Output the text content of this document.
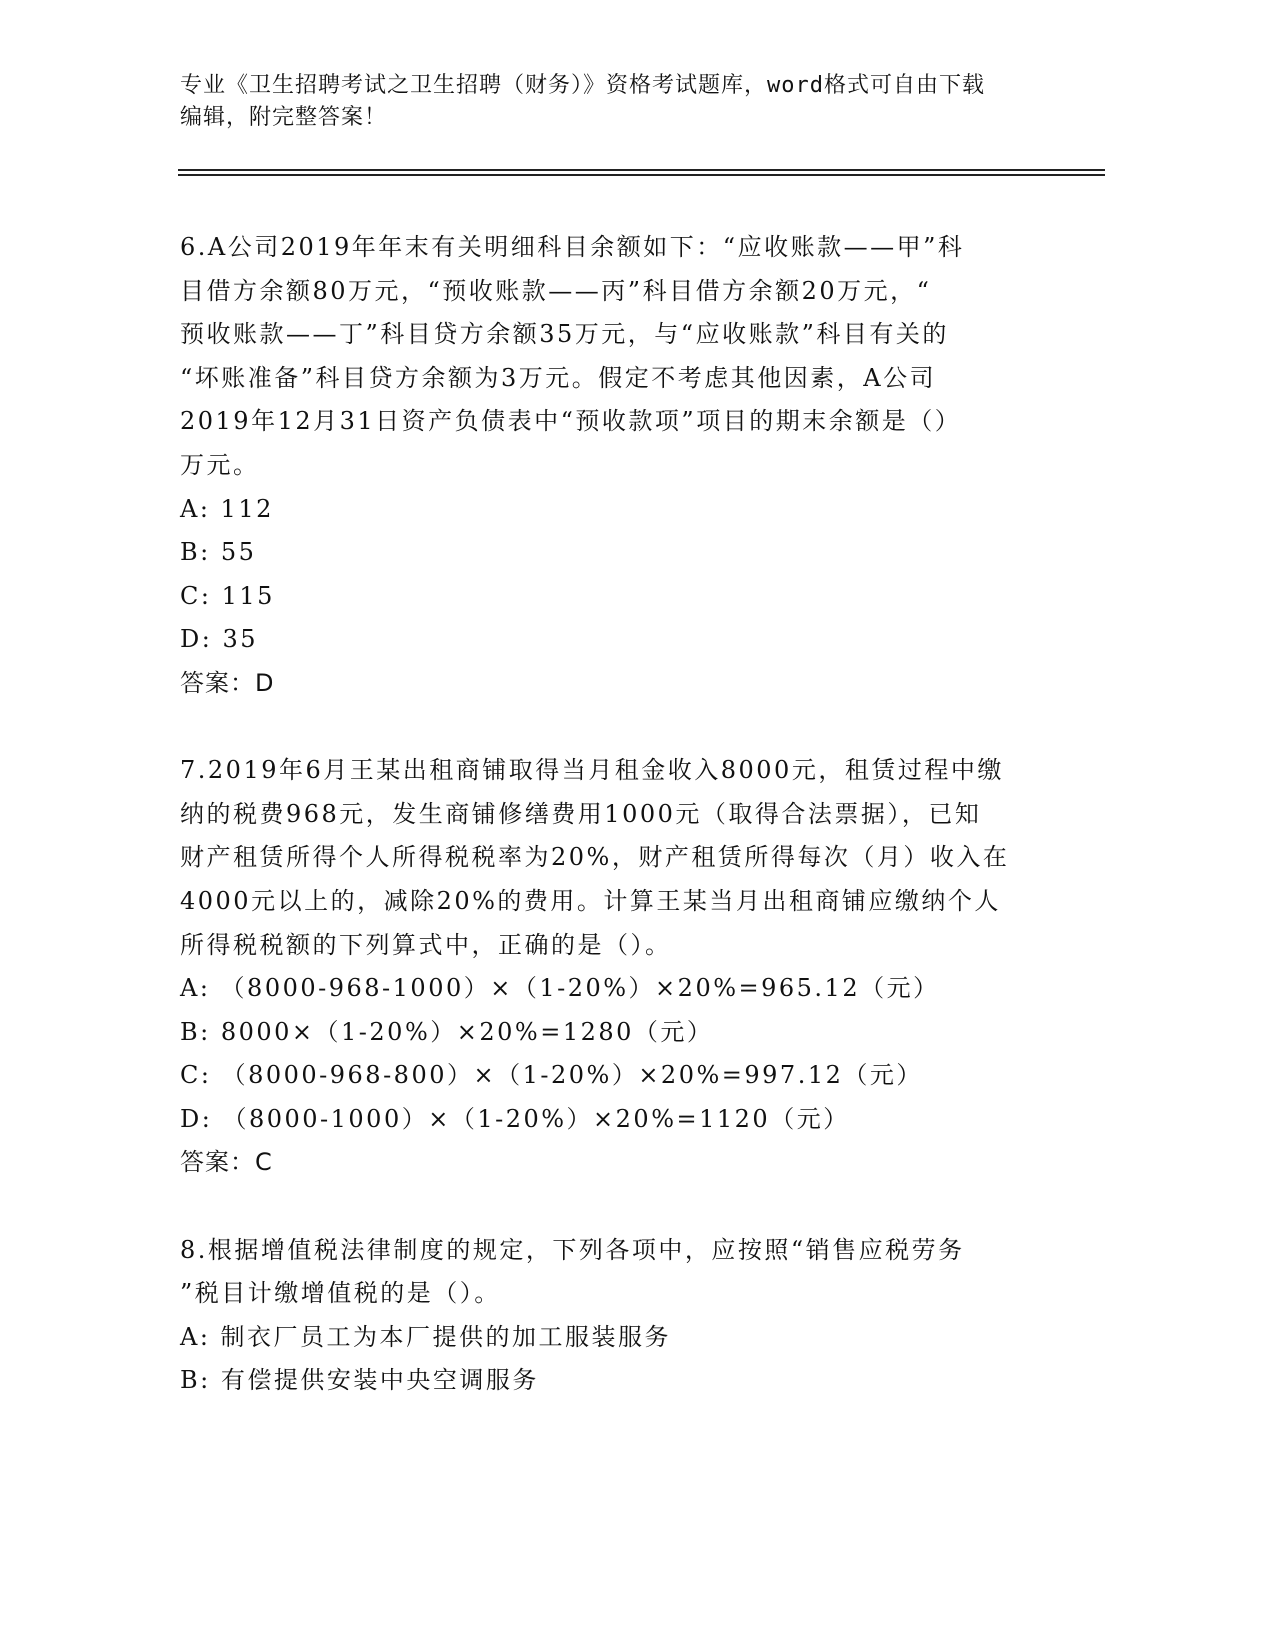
专业《卫生招聘考试之卫生招聘（财务）》资格考试题库，word格式可自由下载
编辑，附完整答案！
6.A公司2019年年末有关明细科目余额如下：“应收账款——甲”科
目借方余额80万元，“预收账款——丙”科目借方余额20万元，“
预收账款——丁”科目贷方余额35万元，与“应收账款”科目有关的
“坏账准备”科目贷方余额为3万元。假定不考虑其他因素，A公司
2019年12月31日资产负债表中“预收款项”项目的期末余额是（）
万元。
A: 112
B: 55
C: 115
D: 35
答案：D
7.2019年6月王某出租商铺取得当月租金收入8000元，租赁过程中缴
纳的税费968元，发生商铺修缮费用1000元（取得合法票据），已知
财产租赁所得个人所得税税率为20%，财产租赁所得每次（月）收入在
4000元以上的，减除20%的费用。计算王某当月出租商铺应缴纳个人
所得税税额的下列算式中，正确的是（）。
A: （8000-968-1000）×（1-20%）×20%=965.12（元）
B: 8000×（1-20%）×20%=1280（元）
C: （8000-968-800）×（1-20%）×20%=997.12（元）
D: （8000-1000）×（1-20%）×20%=1120（元）
答案：C
8.根据增值税法律制度的规定，下列各项中，应按照“销售应税劳务
”税目计缴增值税的是（）。
A: 制衣厂员工为本厂提供的加工服装服务
B: 有偿提供安装中央空调服务
